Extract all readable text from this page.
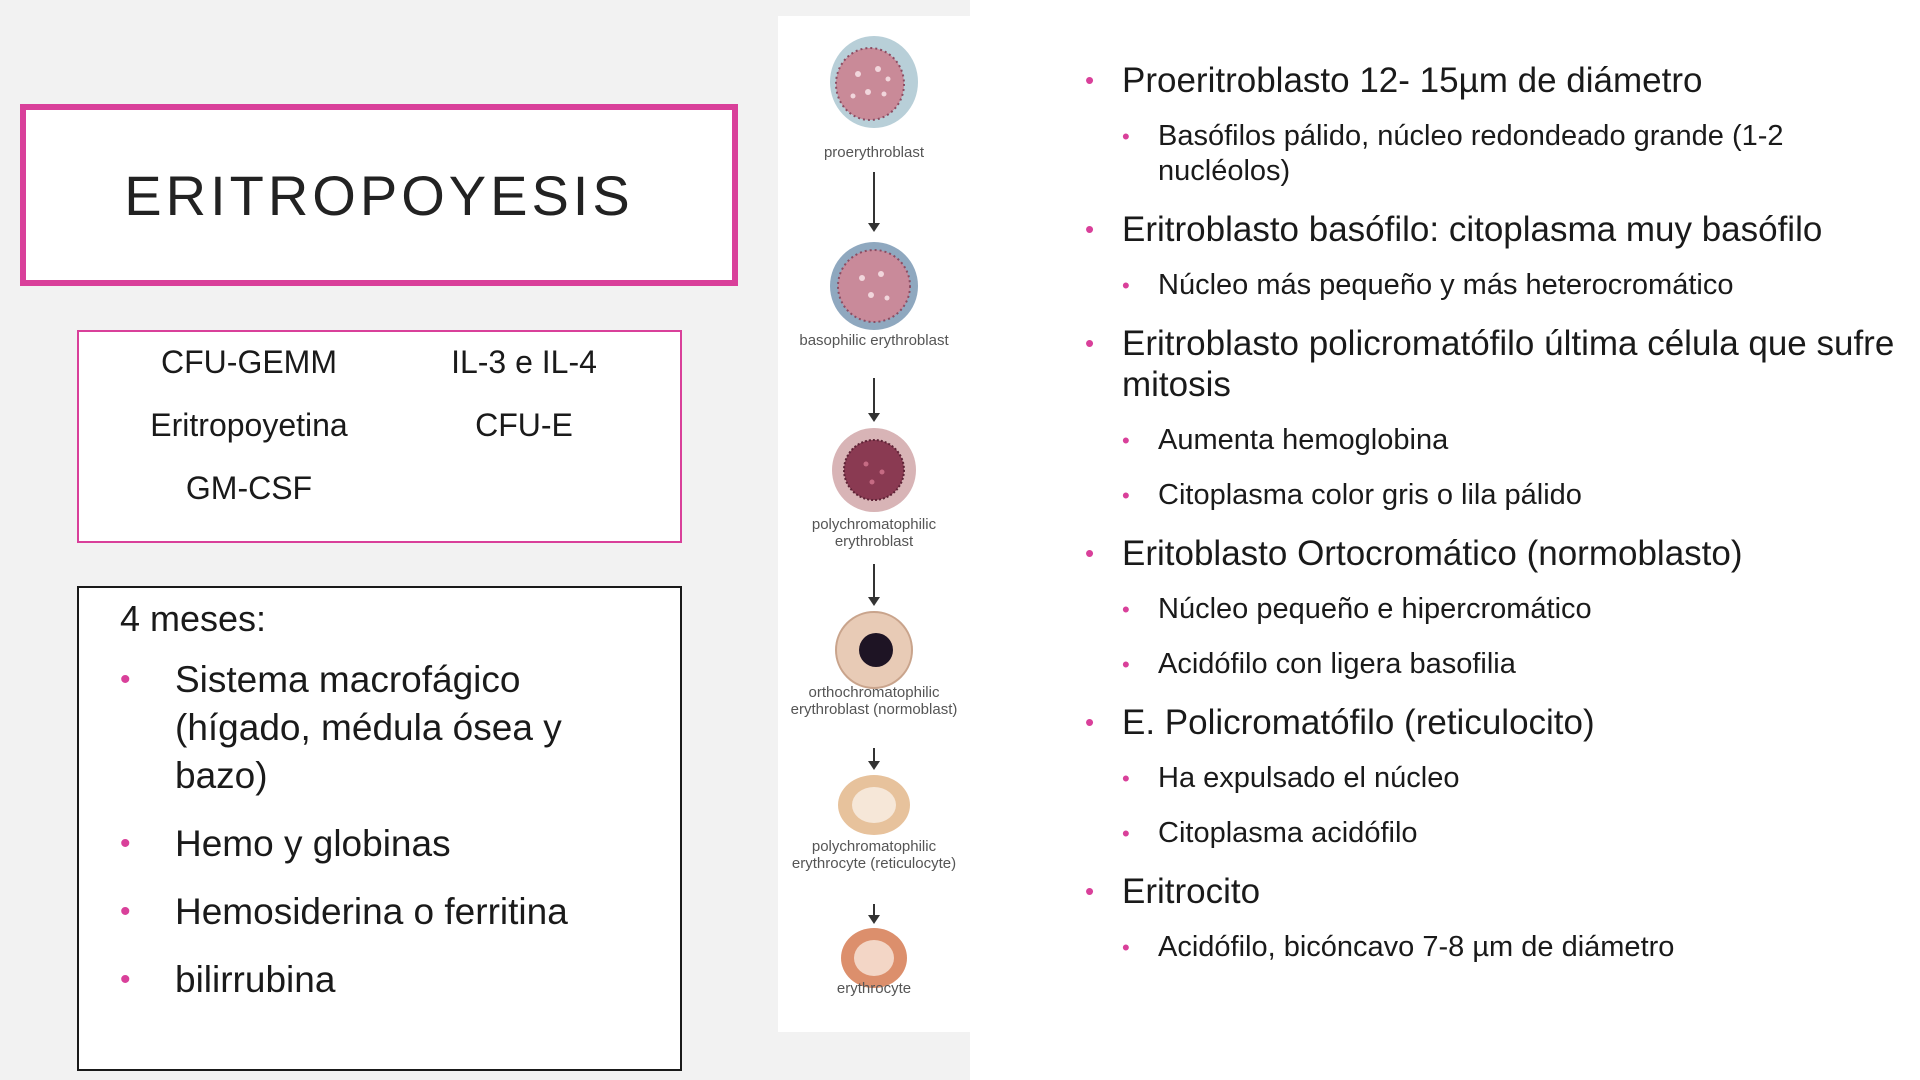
ERITROPOYESIS
CFU-GEMM
Eritropoyetina
GM-CSF
IL-3 e IL-4
CFU-E
4 meses:
• Sistema macrofágico (hígado, médula ósea y bazo)
• Hemo y globinas
• Hemosiderina o ferritina
• bilirrubina
proerythroblast
basophilic erythroblast
polychromatophilic erythroblast
orthochromatophilic erythroblast (normoblast)
polychromatophilic erythrocyte (reticulocyte)
erythrocyte
• Proeritroblasto 12- 15µm de diámetro
• Basófilos pálido, núcleo redondeado grande (1-2 nucléolos)
• Eritroblasto basófilo: citoplasma muy basófilo
• Núcleo más pequeño y más heterocromático
• Eritroblasto policromatófilo última célula que sufre mitosis
• Aumenta hemoglobina
• Citoplasma color gris o lila pálido
• Eritoblasto Ortocromático (normoblasto)
• Núcleo pequeño e hipercromático
• Acidófilo con ligera basofilia
• E. Policromatófilo (reticulocito)
• Ha expulsado el núcleo
• Citoplasma acidófilo
• Eritrocito
• Acidófilo, bicóncavo 7-8 µm de diámetro
